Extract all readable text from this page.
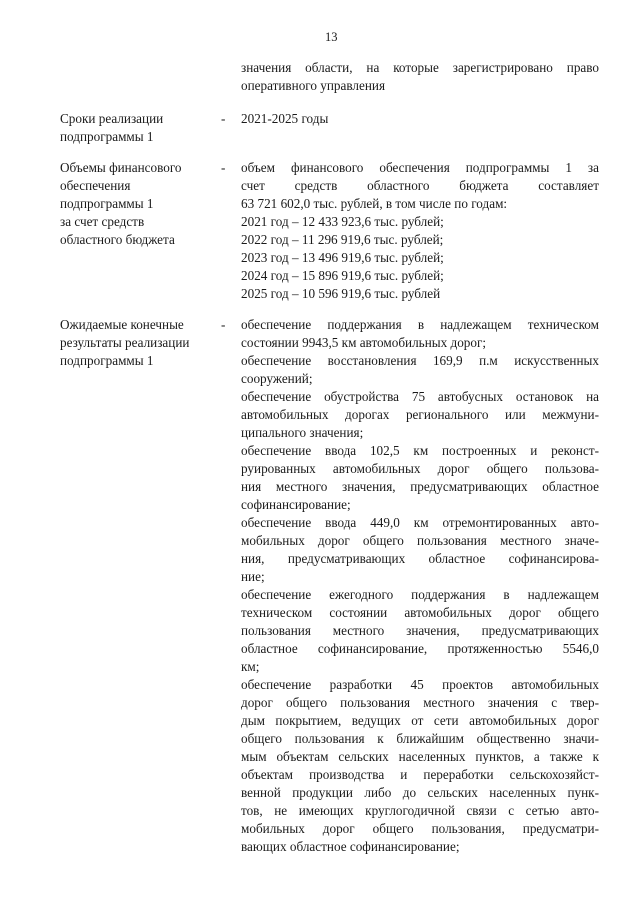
13
значения области, на которые зарегистрировано право
оперативного управления
Сроки реализации
подпрограммы 1
- 2021-2025 годы
Объемы финансового
обеспечения
подпрограммы 1
за счет средств
областного бюджета
- объем финансового обеспечения подпрограммы 1 за
счет средств областного бюджета составляет
63 721 602,0 тыс. рублей, в том числе по годам:
2021 год – 12 433 923,6 тыс. рублей;
2022 год – 11 296 919,6 тыс. рублей;
2023 год – 13 496 919,6 тыс. рублей;
2024 год – 15 896 919,6 тыс. рублей;
2025 год – 10 596 919,6 тыс. рублей
Ожидаемые конечные
результаты реализации
подпрограммы 1
- обеспечение поддержания в надлежащем техническом
состоянии 9943,5 км автомобильных дорог;
обеспечение восстановления 169,9 п.м искусственных
сооружений;
обеспечение обустройства 75 автобусных остановок на
автомобильных дорогах регионального или межмуни-
ципального значения;
обеспечение ввода 102,5 км построенных и реконст-
руированных автомобильных дорог общего пользова-
ния местного значения, предусматривающих областное
софинансирование;
обеспечение ввода 449,0 км отремонтированных авто-
мобильных дорог общего пользования местного значе-
ния, предусматривающих областное софинансирова-
ние;
обеспечение ежегодного поддержания в надлежащем
техническом состоянии автомобильных дорог общего
пользования местного значения, предусматривающих
областное софинансирование, протяженностью 5546,0
км;
обеспечение разработки 45 проектов автомобильных
дорог общего пользования местного значения с твер-
дым покрытием, ведущих от сети автомобильных дорог
общего пользования к ближайшим общественно значи-
мым объектам сельских населенных пунктов, а также к
объектам производства и переработки сельскохозяйст-
венной продукции либо до сельских населенных пунк-
тов, не имеющих круглогодичной связи с сетью авто-
мобильных дорог общего пользования, предусматри-
вающих областное софинансирование;
